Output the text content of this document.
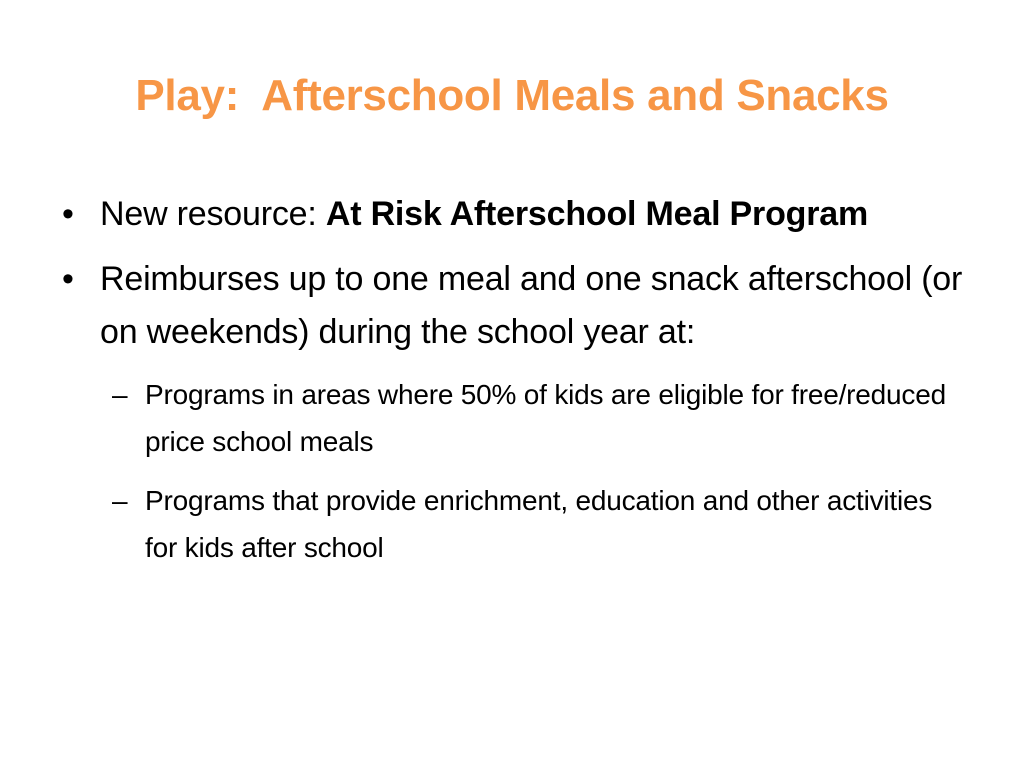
Play:  Afterschool Meals and Snacks
• New resource: At Risk Afterschool Meal Program
• Reimburses up to one meal and one snack afterschool (or on weekends) during the school year at:
– Programs in areas where 50% of kids are eligible for free/reduced price school meals
– Programs that provide enrichment, education and other activities for kids after school
